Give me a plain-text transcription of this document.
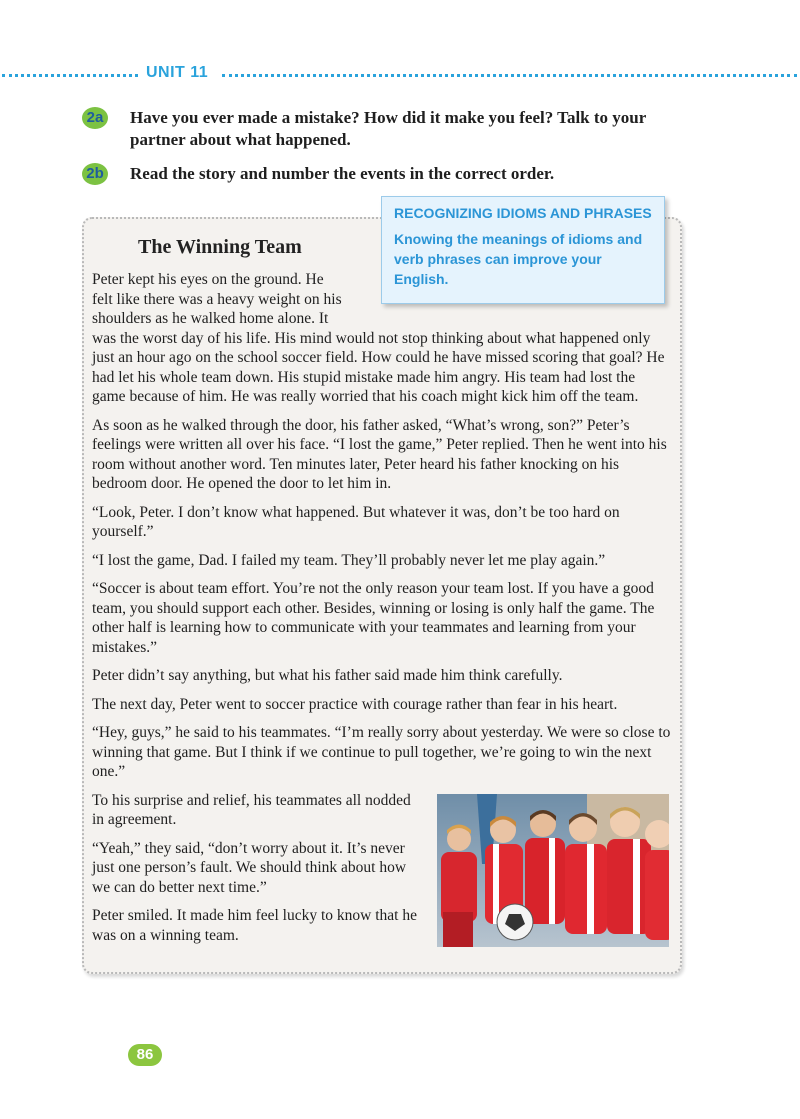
UNIT 11
2a Have you ever made a mistake? How did it make you feel? Talk to your partner about what happened.
2b Read the story and number the events in the correct order.
The Winning Team
RECOGNIZING IDIOMS AND PHRASES
Knowing the meanings of idioms and verb phrases can improve your English.
Peter kept his eyes on the ground. He
felt like there was a heavy weight on his
shoulders as he walked home alone. It

was the worst day of his life. His mind would not stop thinking about what happened only just an hour ago on the school soccer field. How could he have missed scoring that goal? He had let his whole team down. His stupid mistake made him angry. His team had lost the game because of him. He was really worried that his coach might kick him off the team.

As soon as he walked through the door, his father asked, “What’s wrong, son?” Peter’s feelings were written all over his face. “I lost the game,” Peter replied. Then he went into his room without another word. Ten minutes later, Peter heard his father knocking on his bedroom door. He opened the door to let him in.

“Look, Peter. I don’t know what happened. But whatever it was, don’t be too hard on yourself.”

“I lost the game, Dad. I failed my team. They’ll probably never let me play again.”

“Soccer is about team effort. You’re not the only reason your team lost. If you have a good team, you should support each other. Besides, winning or losing is only half the game. The other half is learning how to communicate with your teammates and learning from your mistakes.”

Peter didn’t say anything, but what his father said made him think carefully.

The next day, Peter went to soccer practice with courage rather than fear in his heart.

“Hey, guys,” he said to his teammates. “I’m really sorry about yesterday. We were so close to winning that game. But I think if we continue to pull together, we’re going to win the next one.”

To his surprise and relief, his teammates all nodded in agreement.

“Yeah,” they said, “don’t worry about it. It’s never just one person’s fault. We should think about how we can do better next time.”

Peter smiled. It made him feel lucky to know that he was on a winning team.

86
